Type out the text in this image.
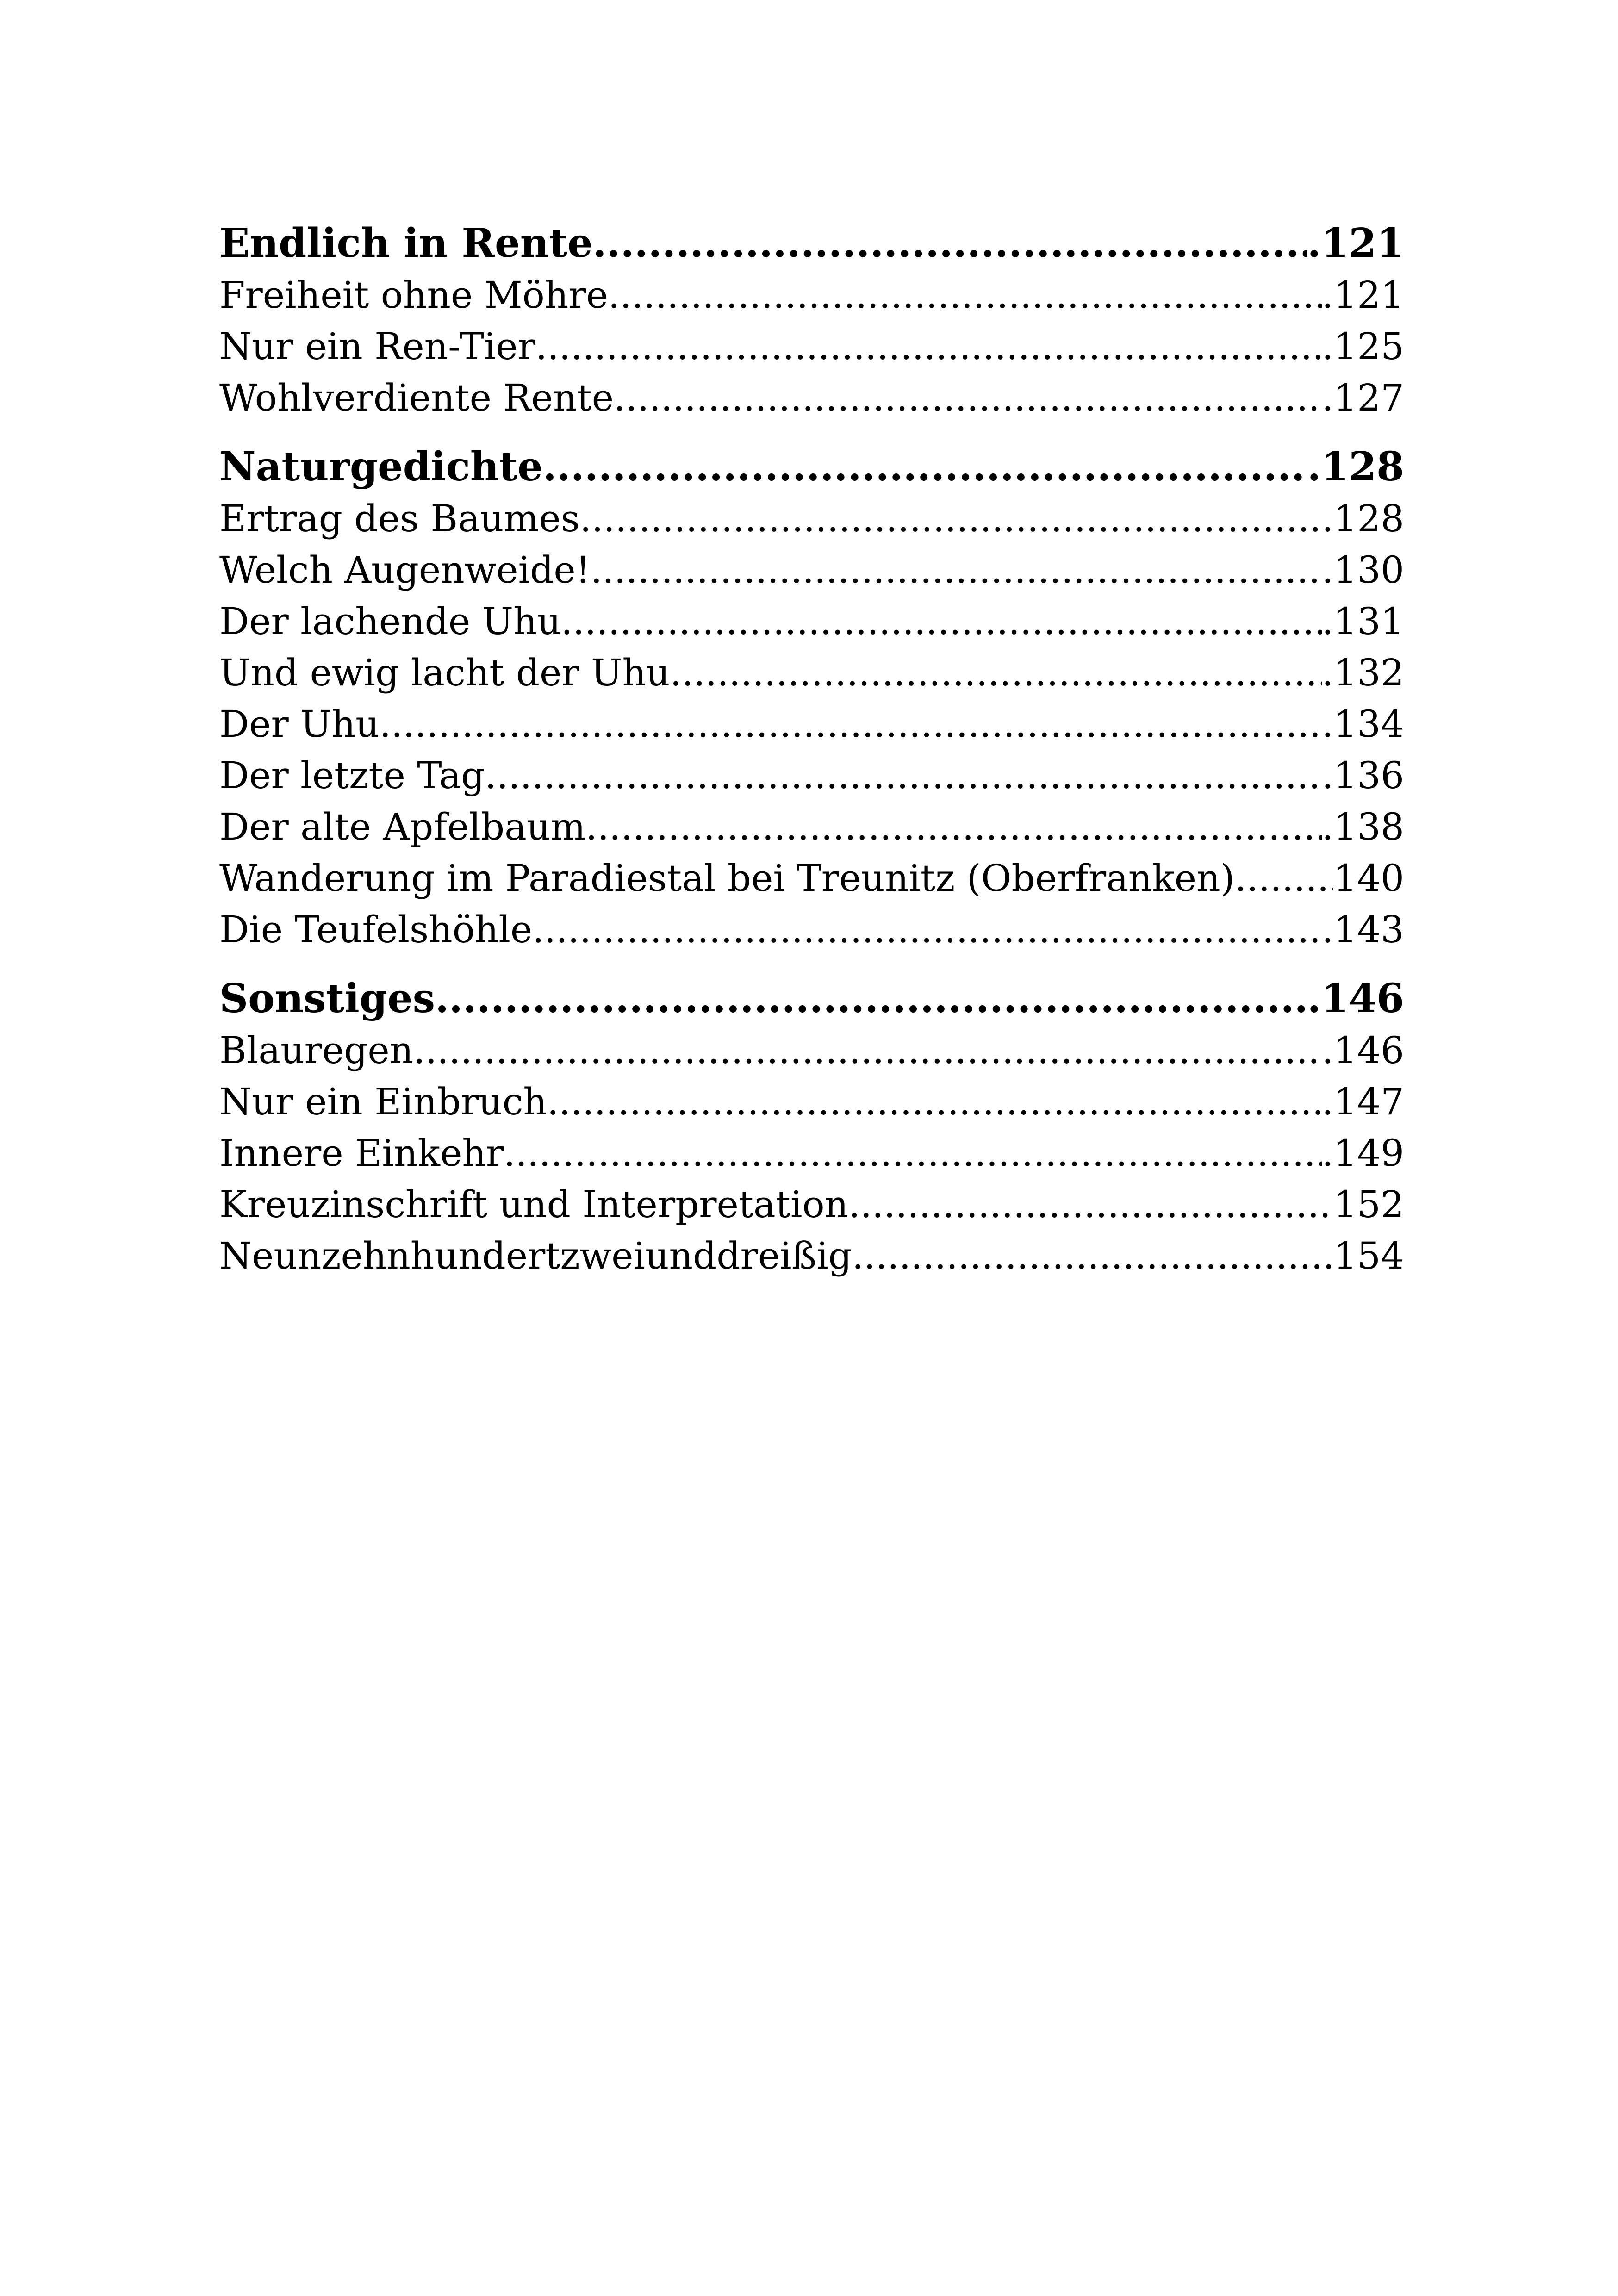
Endlich in Rente .....	.121
Freiheit ohne Möhre .....	.121
Nur ein Ren-Tier .....	.125
Wohlverdiente Rente .....	.127
Naturgedichte .....	.128
Ertrag des Baumes .....	.128
Welch Augenweide! .....	.130
Der lachende Uhu .....	.131
Und ewig lacht der Uhu .....	.132
Der Uhu .....	.134
Der letzte Tag .....	.136
Der alte Apfelbaum .....	.138
Wanderung im Paradiestal bei Treunitz (Oberfranken) .....	140
Die Teufelshöhle .....	.143
Sonstiges .....	.146
Blauregen .....	.146
Nur ein Einbruch .....	.147
Innere Einkehr .....	.149
Kreuzinschrift und Interpretation .....	152
Neunzehnhundertzweiunddreißig .....	154
